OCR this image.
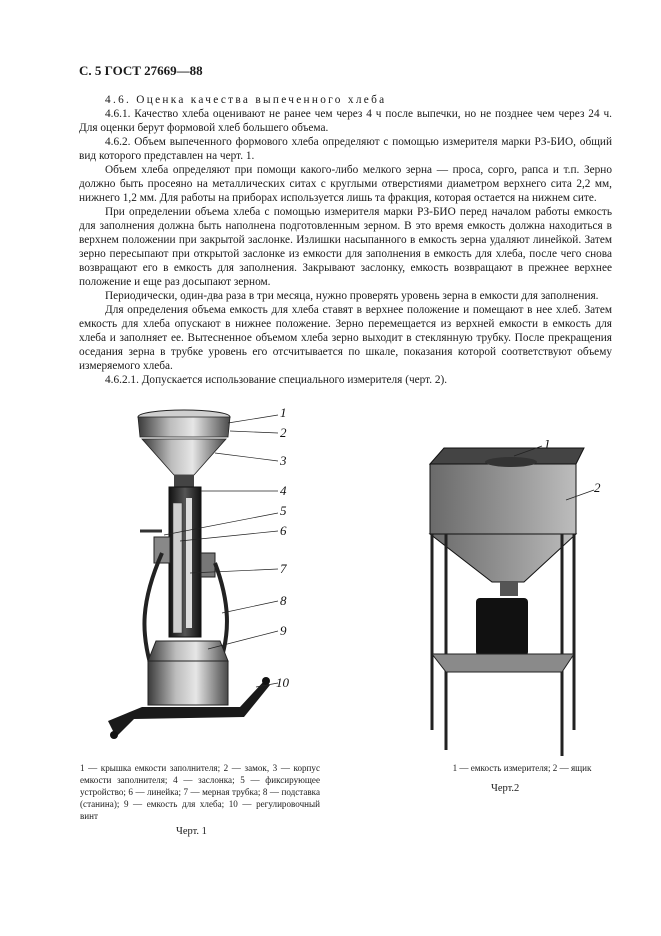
С. 5 ГОСТ 27669—88

4.6. Оценка качества выпеченного хлеба

4.6.1. Качество хлеба оценивают не ранее чем через 4 ч после выпечки, но не позднее чем через 24 ч. Для оценки берут формовой хлеб большего объема.

4.6.2. Объем выпеченного формового хлеба определяют с помощью измерителя марки РЗ-БИО, общий вид которого представлен на черт. 1.

Объем хлеба определяют при помощи какого-либо мелкого зерна — проса, сорго, рапса и т.п. Зерно должно быть просеяно на металлических ситах с круглыми отверстиями диаметром верхнего сита 2,2 мм, нижнего 1,2 мм. Для работы на приборах используется лишь та фракция, которая остается на нижнем сите.

При определении объема хлеба с помощью измерителя марки РЗ-БИО перед началом работы емкость для заполнения должна быть наполнена подготовленным зерном. В это время емкость должна находиться в верхнем положении при закрытой заслонке. Излишки насыпанного в емкость зерна удаляют линейкой. Затем зерно пересыпают при открытой заслонке из емкости для заполнения в емкость для хлеба, после чего снова возвращают его в емкость для заполнения. Закрывают заслонку, емкость возвращают в прежнее верхнее положение и еще раз досыпают зерном.

Периодически, один-два раза в три месяца, нужно проверять уровень зерна в емкости для заполнения.

Для определения объема емкость для хлеба ставят в верхнее положение и помещают в нее хлеб. Затем емкость для хлеба опускают в нижнее положение. Зерно перемещается из верхней емкости в емкость для хлеба и заполняет ее. Вытесненное объемом хлеба зерно выходит в стеклянную трубку. После прекращения оседания зерна в трубке уровень его отсчитывается по шкале, показания которой соответствуют объему измеряемого хлеба.

4.6.2.1. Допускается использование специального измерителя (черт. 2).

1
2
3
4
5
6
7
8
9
10
1
2
1 — крышка емкости заполнителя; 2 — замок, 3 — корпус емкости заполнителя; 4 — заслонка; 5 — фиксирующее устройство; 6 — линейка; 7 — мерная трубка; 8 — подставка (станина); 9 — емкость для хлеба; 10 — регулировочный винт
Черт. 1
1 — емкость измерителя; 2 — ящик
Черт.2
